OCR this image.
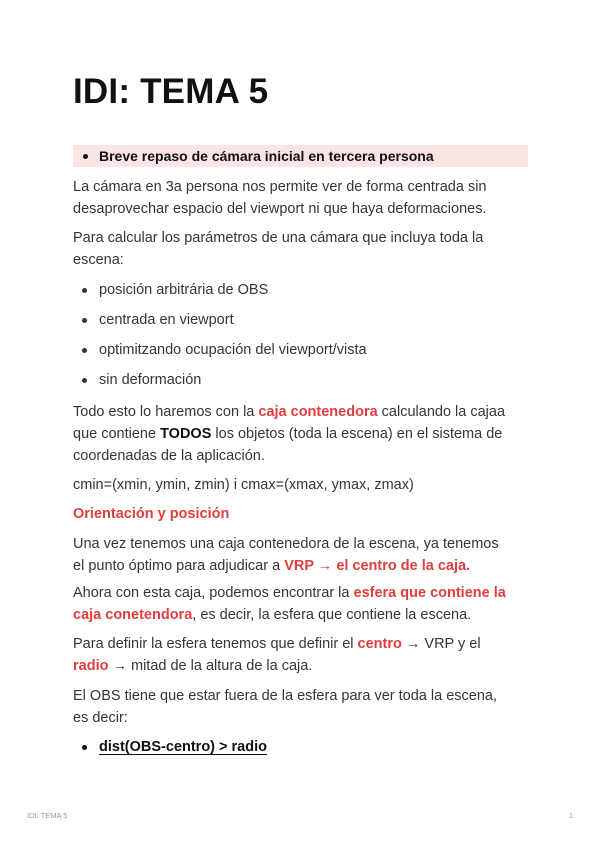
IDI: TEMA 5
Breve repaso de cámara inicial en tercera persona

La cámara en 3a persona nos permite ver de forma centrada sin
desaprovechar espacio del viewport ni que haya deformaciones.

Para calcular los parámetros de una cámara que incluya toda la
escena:

posición arbitrária de OBS
centrada en viewport
optimitzando ocupación del viewport/vista
sin deformación

Todo esto lo haremos con la caja contenedora calculando la cajaa
que contiene TODOS los objetos (toda la escena) en el sistema de
coordenadas de la aplicación.

cmin=(xmin, ymin, zmin) i cmax=(xmax, ymax, zmax)

Orientación y posición

Una vez tenemos una caja contenedora de la escena, ya tenemos
el punto óptimo para adjudicar a VRP → el centro de la caja.

Ahora con esta caja, podemos encontrar la esfera que contiene la
caja conetendora, es decir, la esfera que contiene la escena.

Para definir la esfera tenemos que definir el centro → VRP y el
radio → mitad de la altura de la caja.

El OBS tiene que estar fuera de la esfera para ver toda la escena,
es decir:

dist(OBS-centro) > radio
IDI: TEMA 5	1
